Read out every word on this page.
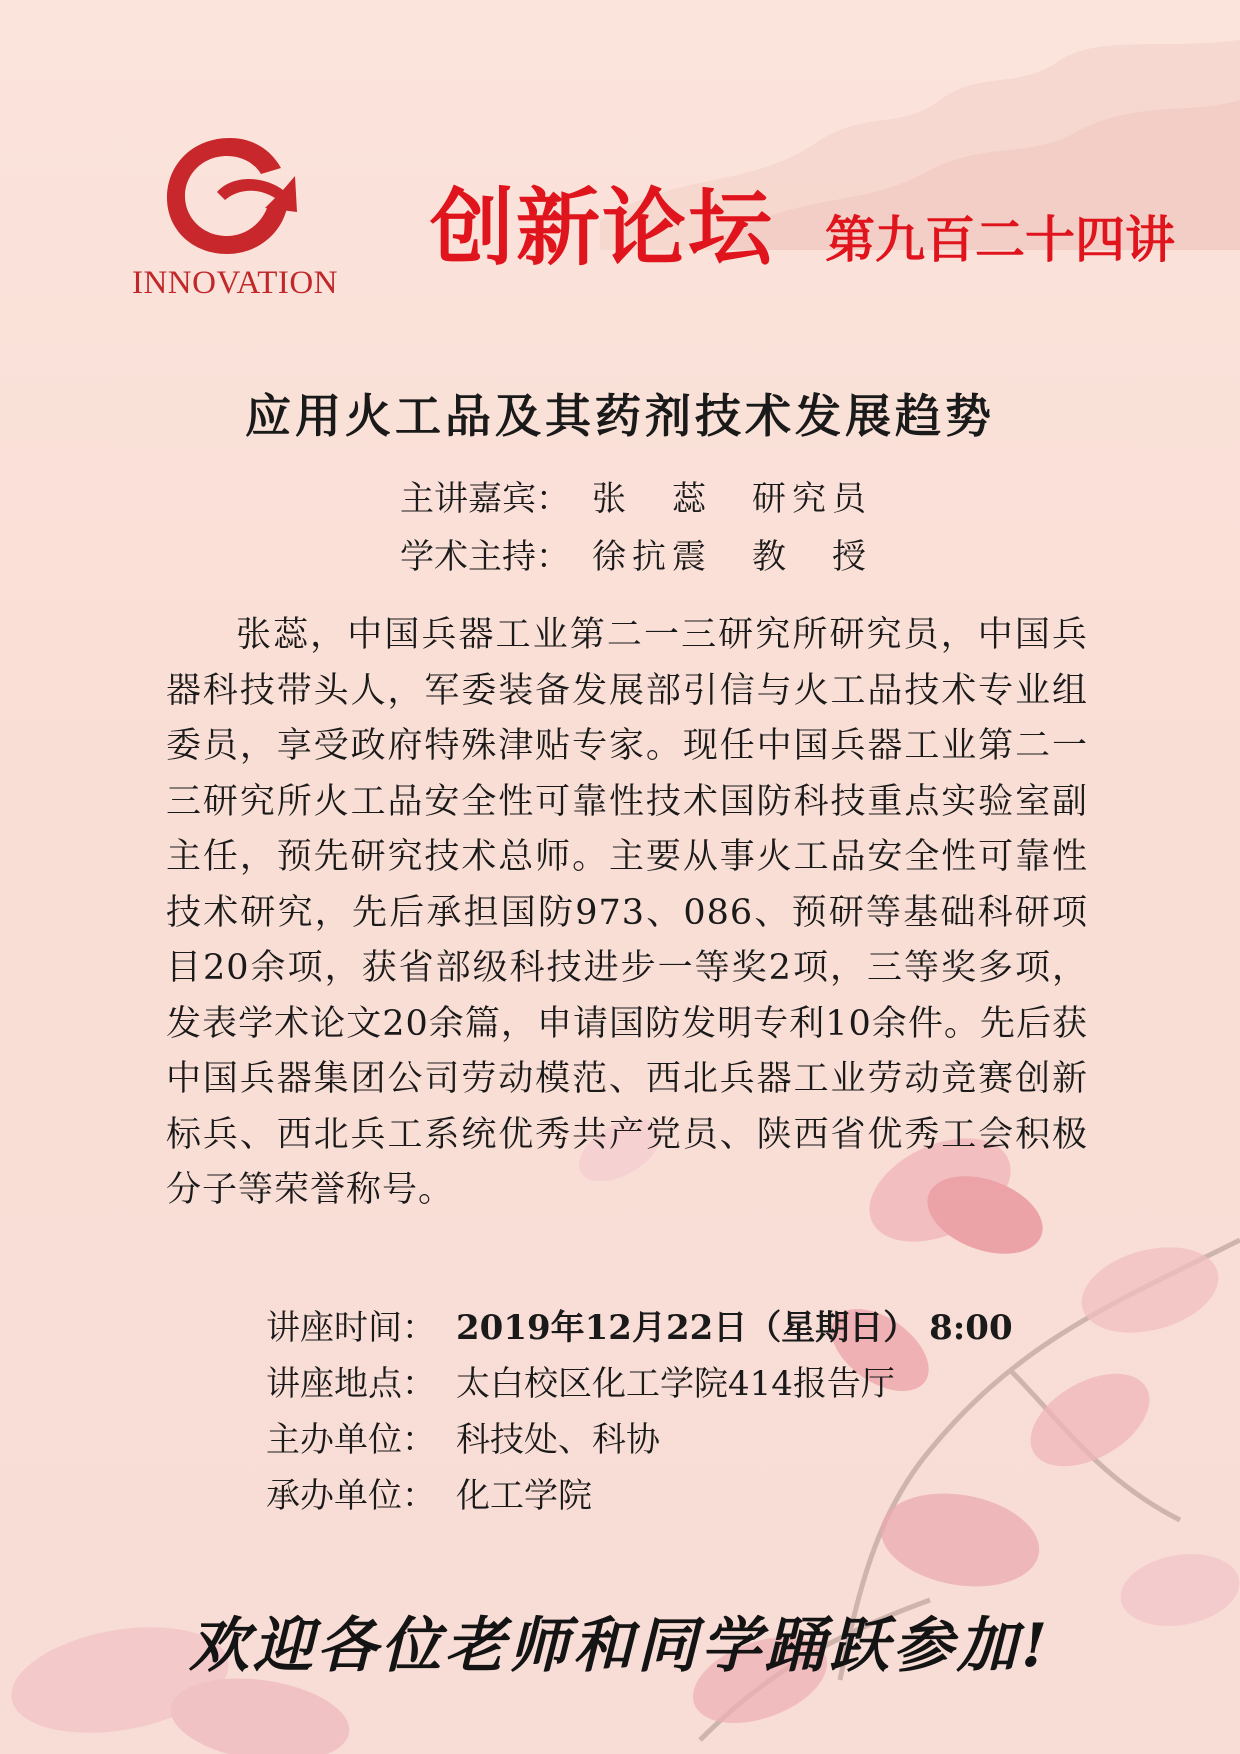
INNOVATION
创新论坛 第九百二十四讲
应用火工品及其药剂技术发展趋势
主讲嘉宾： 张　蕊　研究员
学术主持： 徐抗震　教　授
张蕊，中国兵器工业第二一三研究所研究员，中国兵器科技带头人，军委装备发展部引信与火工品技术专业组委员，享受政府特殊津贴专家。现任中国兵器工业第二一三研究所火工品安全性可靠性技术国防科技重点实验室副主任，预先研究技术总师。主要从事火工品安全性可靠性技术研究，先后承担国防973、086、预研等基础科研项目20余项，获省部级科技进步一等奖2项，三等奖多项，发表学术论文20余篇，申请国防发明专利10余件。先后获中国兵器集团公司劳动模范、西北兵器工业劳动竞赛创新标兵、西北兵工系统优秀共产党员、陕西省优秀工会积极分子等荣誉称号。
讲座时间： 2019年12月22日（星期日） 8:00
讲座地点： 太白校区化工学院414报告厅
主办单位： 科技处、科协
承办单位： 化工学院
欢迎各位老师和同学踊跃参加!
